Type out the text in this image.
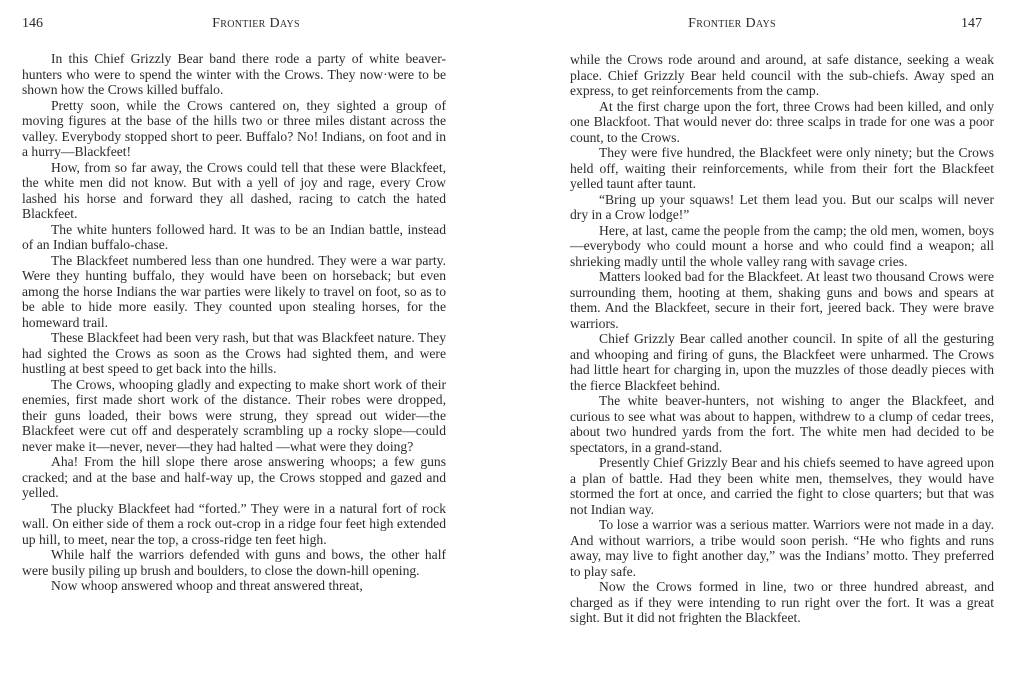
146	Frontier Days

In this Chief Grizzly Bear band there rode a party of white beaver-hunters who were to spend the winter with the Crows. They now·were to be shown how the Crows killed buffalo.

Pretty soon, while the Crows cantered on, they sighted a group of moving figures at the base of the hills two or three miles distant across the valley. Everybody stopped short to peer. Buffalo? No! Indians, on foot and in a hurry—Blackfeet!

How, from so far away, the Crows could tell that these were Blackfeet, the white men did not know. But with a yell of joy and rage, every Crow lashed his horse and forward they all dashed, racing to catch the hated Blackfeet.

The white hunters followed hard. It was to be an Indian battle, instead of an Indian buffalo-chase.

The Blackfeet numbered less than one hundred. They were a war party. Were they hunting buffalo, they would have been on horseback; but even among the horse Indians the war parties were likely to travel on foot, so as to be able to hide more easily. They counted upon stealing horses, for the homeward trail.

These Blackfeet had been very rash, but that was Blackfeet nature. They had sighted the Crows as soon as the Crows had sighted them, and were hustling at best speed to get back into the hills.

The Crows, whooping gladly and expecting to make short work of their enemies, first made short work of the distance. Their robes were dropped, their guns loaded, their bows were strung, they spread out wider—the Blackfeet were cut off and desperately scrambling up a rocky slope—could never make it—never, never—they had halted —what were they doing?

Aha! From the hill slope there arose answering whoops; a few guns cracked; and at the base and half-way up, the Crows stopped and gazed and yelled.

The plucky Blackfeet had “forted.” They were in a natural fort of rock wall. On either side of them a rock out-crop in a ridge four feet high extended up hill, to meet, near the top, a cross-ridge ten feet high.

While half the warriors defended with guns and bows, the other half were busily piling up brush and boulders, to close the down-hill opening.

Now whoop answered whoop and threat answered threat,

Frontier Days	147

while the Crows rode around and around, at safe distance, seeking a weak place. Chief Grizzly Bear held council with the sub-chiefs. Away sped an express, to get reinforcements from the camp.

At the first charge upon the fort, three Crows had been killed, and only one Blackfoot. That would never do: three scalps in trade for one was a poor count, to the Crows.

They were five hundred, the Blackfeet were only ninety; but the Crows held off, waiting their reinforcements, while from their fort the Blackfeet yelled taunt after taunt.

“Bring up your squaws! Let them lead you. But our scalps will never dry in a Crow lodge!”

Here, at last, came the people from the camp; the old men, women, boys—everybody who could mount a horse and who could find a weapon; all shrieking madly until the whole valley rang with savage cries.

Matters looked bad for the Blackfeet. At least two thousand Crows were surrounding them, hooting at them, shaking guns and bows and spears at them. And the Blackfeet, secure in their fort, jeered back. They were brave warriors.

Chief Grizzly Bear called another council. In spite of all the gesturing and whooping and firing of guns, the Blackfeet were unharmed. The Crows had little heart for charging in, upon the muzzles of those deadly pieces with the fierce Blackfeet behind.

The white beaver-hunters, not wishing to anger the Blackfeet, and curious to see what was about to happen, withdrew to a clump of cedar trees, about two hundred yards from the fort. The white men had decided to be spectators, in a grand-stand.

Presently Chief Grizzly Bear and his chiefs seemed to have agreed upon a plan of battle. Had they been white men, themselves, they would have stormed the fort at once, and carried the fight to close quarters; but that was not Indian way.

To lose a warrior was a serious matter. Warriors were not made in a day. And without warriors, a tribe would soon perish. “He who fights and runs away, may live to fight another day,” was the Indians’ motto. They preferred to play safe.

Now the Crows formed in line, two or three hundred abreast, and charged as if they were intending to run right over the fort. It was a great sight. But it did not frighten the Blackfeet.
